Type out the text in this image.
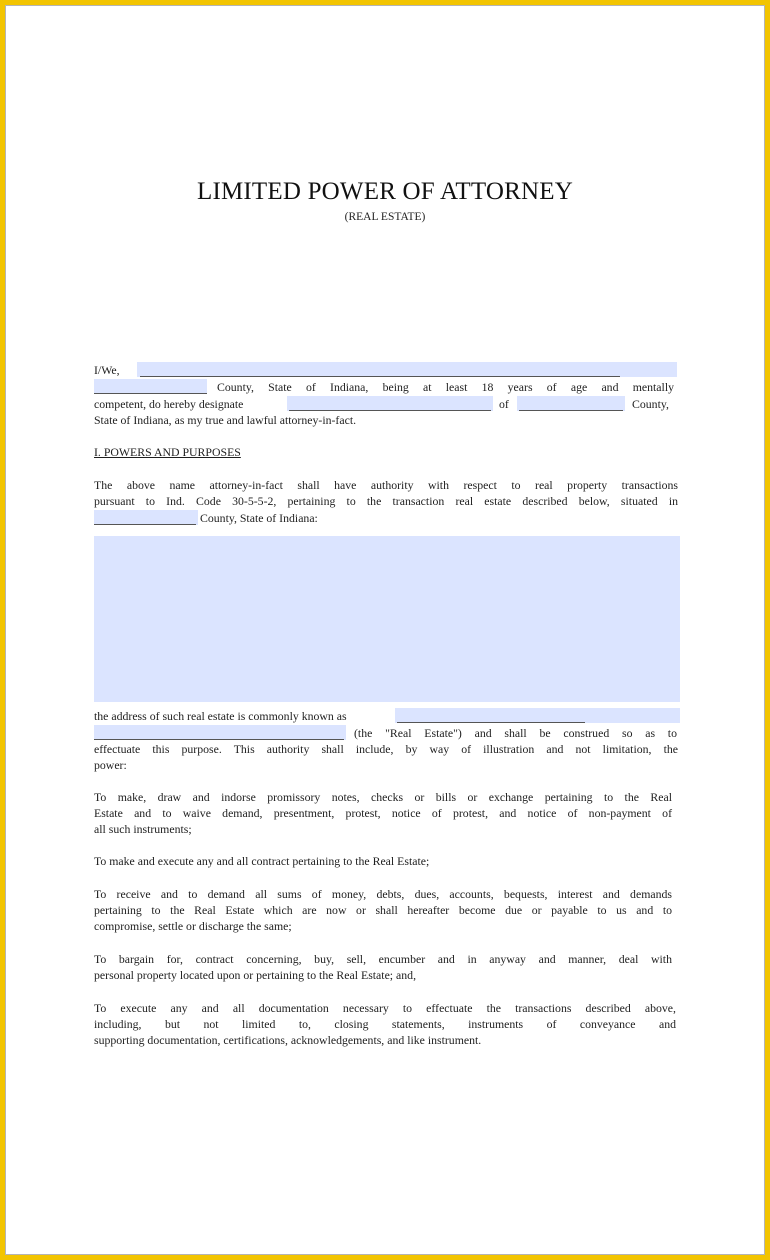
LIMITED POWER OF ATTORNEY
(REAL ESTATE)
I/We,
County, State of Indiana, being at least 18 years of age and mentally
competent, do hereby designate	of	County,
State of Indiana, as my true and lawful attorney-in-fact.
I. POWERS AND PURPOSES
The above name attorney-in-fact shall have authority with respect to real property transactions
pursuant to Ind. Code 30-5-5-2, pertaining to the transaction real estate described below, situated in
County, State of Indiana:
the address of such real estate is commonly known as
(the "Real Estate") and shall be construed so as to
effectuate this purpose. This authority shall include, by way of illustration and not limitation, the
power:
To make, draw and indorse promissory notes, checks or bills or exchange pertaining to the Real
Estate and to waive demand, presentment, protest, notice of protest, and notice of non-payment of
all such instruments;
To make and execute any and all contract pertaining to the Real Estate;
To receive and to demand all sums of money, debts, dues, accounts, bequests, interest and demands
pertaining to the Real Estate which are now or shall hereafter become due or payable to us and to
compromise, settle or discharge the same;
To bargain for, contract concerning, buy, sell, encumber and in anyway and manner, deal with
personal property located upon or pertaining to the Real Estate; and,
To execute any and all documentation necessary to effectuate the transactions described above,
including, but not limited to, closing statements, instruments of conveyance and
supporting documentation, certifications, acknowledgements, and like instrument.
